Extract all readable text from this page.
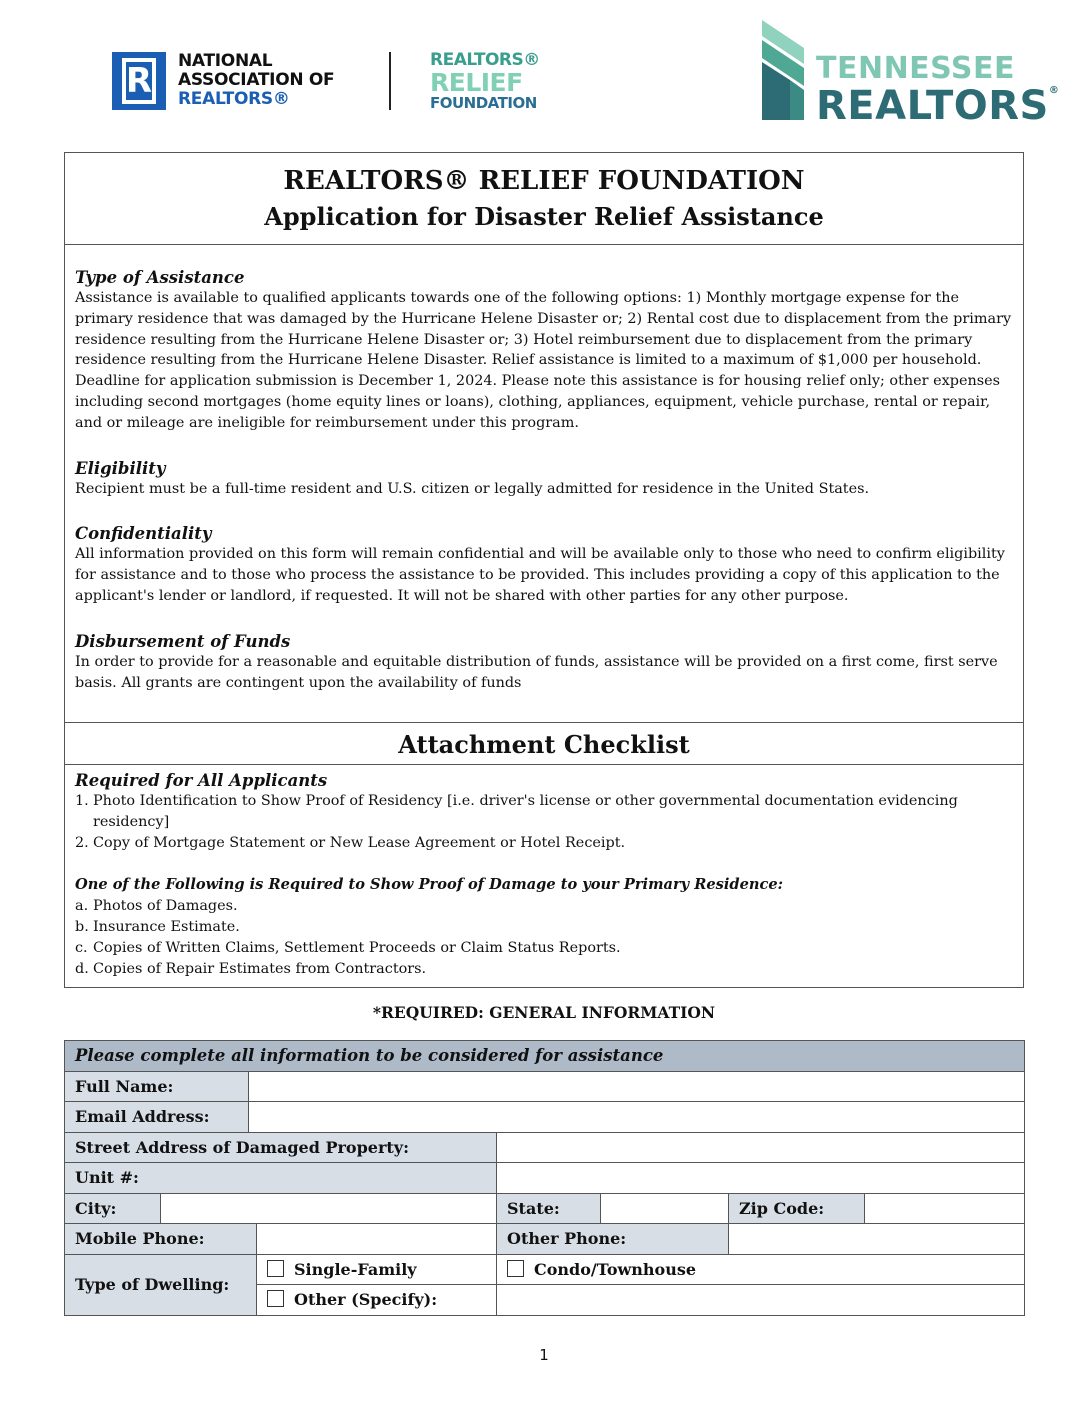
R NATIONAL
ASSOCIATION OF
REALTORS®
REALTORS®
RELIEF
FOUNDATION
TENNESSEE
REALTORS®
REALTORS® RELIEF FOUNDATION
Application for Disaster Relief Assistance
Type of Assistance

Assistance is available to qualified applicants towards one of the following options: 1) Monthly mortgage expense for the primary residence that was damaged by the Hurricane Helene Disaster or; 2) Rental cost due to displacement from the primary residence resulting from the Hurricane Helene Disaster or; 3) Hotel reimbursement due to displacement from the primary residence resulting from the Hurricane Helene Disaster. Relief assistance is limited to a maximum of $1,000 per household. Deadline for application submission is December 1, 2024. Please note this assistance is for housing relief only; other expenses including second mortgages (home equity lines or loans), clothing, appliances, equipment, vehicle purchase, rental or repair, and or mileage are ineligible for reimbursement under this program.

Eligibility

Recipient must be a full-time resident and U.S. citizen or legally admitted for residence in the United States.

Confidentiality

All information provided on this form will remain confidential and will be available only to those who need to confirm eligibility for assistance and to those who process the assistance to be provided. This includes providing a copy of this application to the applicant's lender or landlord, if requested. It will not be shared with other parties for any other purpose.

Disbursement of Funds

In order to provide for a reasonable and equitable distribution of funds, assistance will be provided on a first come, first serve basis. All grants are contingent upon the availability of funds

Attachment Checklist
Required for All Applicants
1. Photo Identification to Show Proof of Residency [i.e. driver's license or other governmental documentation evidencing residency]
2. Copy of Mortgage Statement or New Lease Agreement or Hotel Receipt.
One of the Following is Required to Show Proof of Damage to your Primary Residence:
a. Photos of Damages.
b. Insurance Estimate.
c. Copies of Written Claims, Settlement Proceeds or Claim Status Reports.
d. Copies of Repair Estimates from Contractors.
*REQUIRED: GENERAL INFORMATION
Please complete all information to be considered for assistance							
Full Name:							
Email Address:							
Street Address of Damaged Property:							
Unit #:							
City:				State:		Zip Code:	
Mobile Phone:				Other Phone:			
Type of Dwelling:			Single-Family	Condo/Townhouse			
			Other (Specify):				
1
